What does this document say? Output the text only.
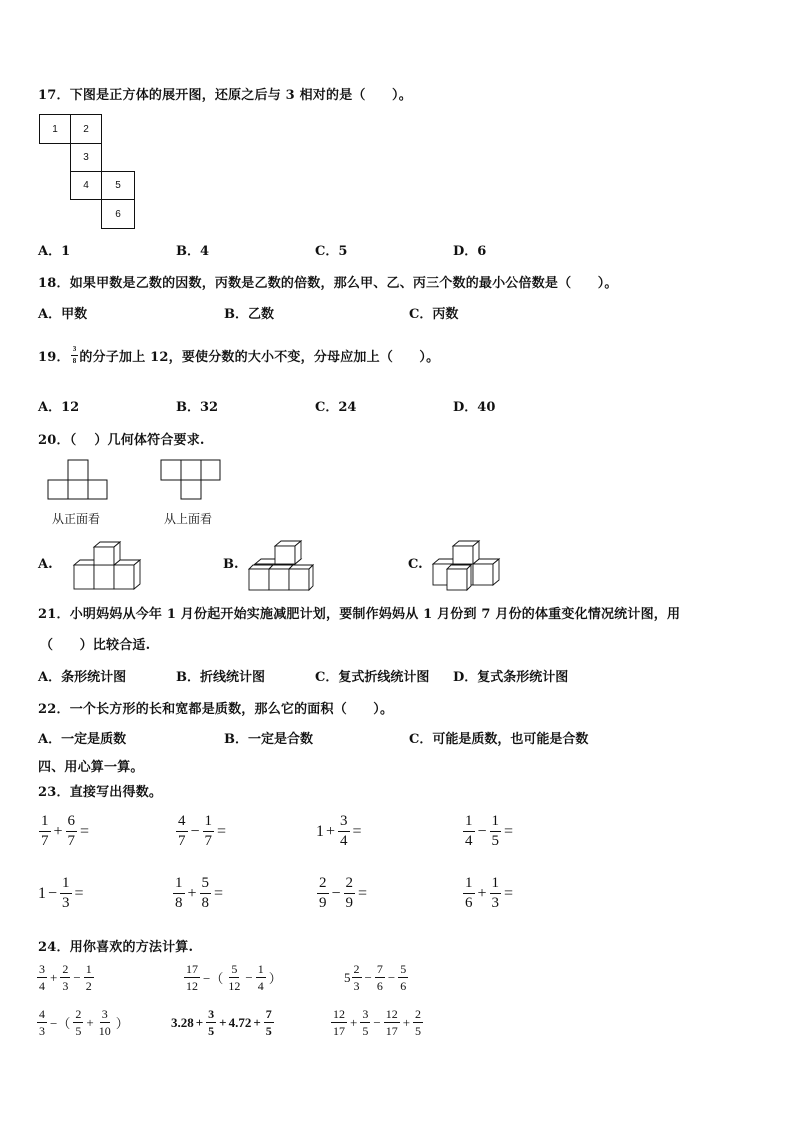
17．下图是正方体的展开图，还原之后与 3 相对的是（　　）。
1	2
3
4	5
6
A．1	B．4	C．5	D．6
18．如果甲数是乙数的因数，丙数是乙数的倍数，那么甲、乙、丙三个数的最小公倍数是（　　）。
A．甲数	B．乙数	C．丙数
19． $\frac{3}{8}$ 的分子加上 12，要使分数的大小不变，分母应加上（　　）。
A．12	B．32	C．24	D．40
20．（　 ）几何体符合要求.
从正面看	从上面看
A.	B.	C.
21．小明妈妈从今年 1 月份起开始实施减肥计划，要制作妈妈从 1 月份到 7 月份的体重变化情况统计图，用
（　　）比较合适.
A．条形统计图	B．折线统计图	C．复式折线统计图 D．复式条形统计图
22．一个长方形的长和宽都是质数，那么它的面积（　　）。
A．一定是质数	B．一定是合数	C．可能是质数，也可能是合数
四、用心算一算。
23．直接写出得数。
$\frac{1}{7} + \frac{6}{7}$ =	$\frac{4}{7} - \frac{1}{7}$ =	$1 + \frac{3}{4}$ =	$\frac{1}{4} - \frac{1}{5}$ =
$1 - \frac{1}{3}$ =	$\frac{1}{8} + \frac{5}{8}$ =	$\frac{2}{9} - \frac{2}{9}$ =	$\frac{1}{6} + \frac{1}{3}$ =
24．用你喜欢的方法计算.
$\frac{3}{4} + \frac{2}{3} - \frac{1}{2}$	$\frac{17}{12}$ −（ $\frac{5}{12} - \frac{1}{4}$ ）	$5 \frac{2}{3} - \frac{7}{6} - \frac{5}{6}$
$\frac{4}{3}$ −（ $\frac{2}{5} + \frac{3}{10}$ ）	$3.28 + \frac{3}{5} + 4.72 + \frac{7}{5}$	$\frac{12}{17} + \frac{3}{5} - \frac{12}{17} + \frac{2}{5}$
